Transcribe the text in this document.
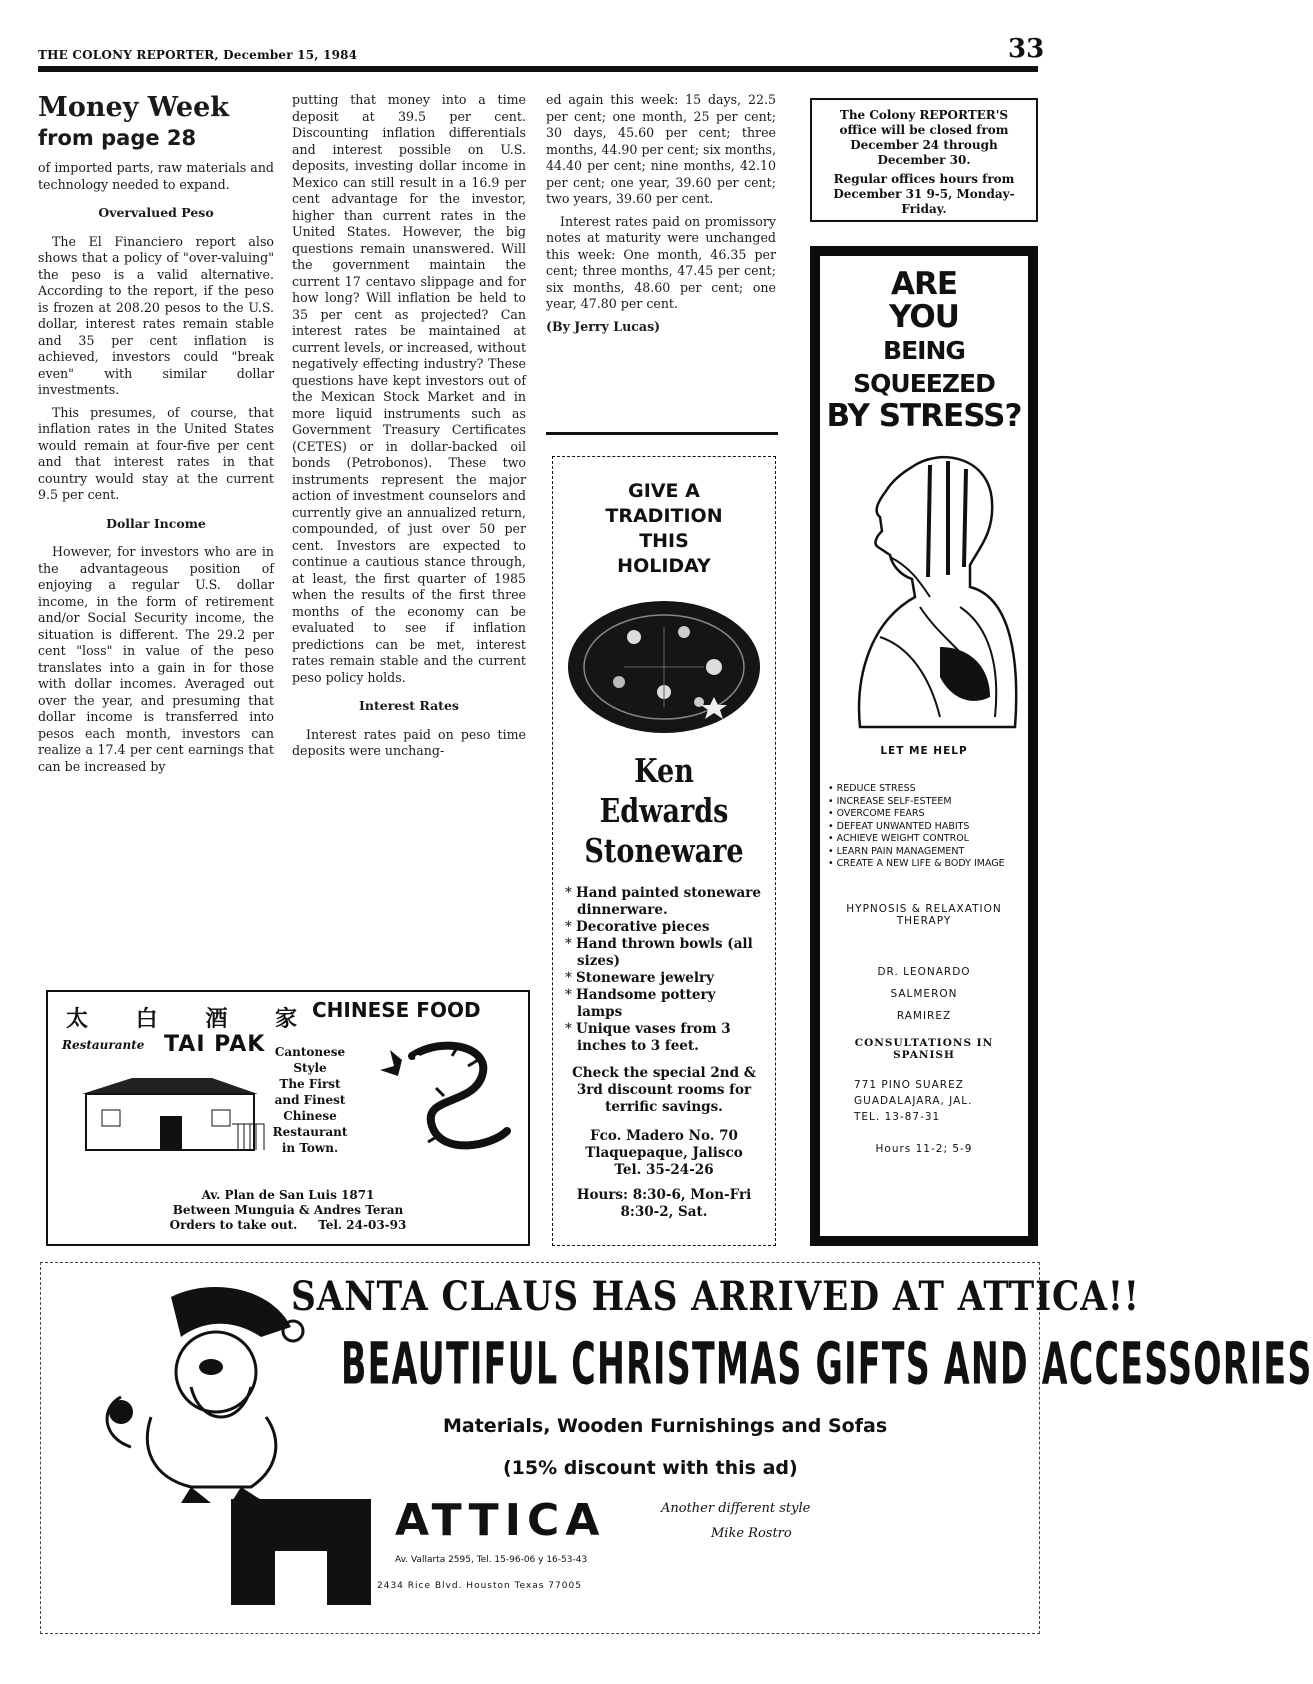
THE COLONY REPORTER, December 15, 1984	33
Money Week
from page 28

of imported parts, raw materials and technology needed to expand.

Overvalued Peso

The El Financiero report also shows that a policy of "over-valuing" the peso is a valid alternative. According to the report, if the peso is frozen at 208.20 pesos to the U.S. dollar, interest rates remain stable and 35 per cent inflation is achieved, investors could "break even" with similar dollar investments.

This presumes, of course, that inflation rates in the United States would remain at four-five per cent and that interest rates in that country would stay at the current 9.5 per cent.

Dollar Income

However, for investors who are in the advantageous position of enjoying a regular U.S. dollar income, in the form of retirement and/or Social Security income, the situation is different. The 29.2 per cent "loss" in value of the peso translates into a gain in for those with dollar incomes. Averaged out over the year, and presuming that dollar income is transferred into pesos each month, investors can realize a 17.4 per cent earnings that can be increased by

putting that money into a time deposit at 39.5 per cent. Discounting inflation differentials and interest possible on U.S. deposits, investing dollar income in Mexico can still result in a 16.9 per cent advantage for the investor, higher than current rates in the United States. However, the big questions remain unanswered. Will the government maintain the current 17 centavo slippage and for how long? Will inflation be held to 35 per cent as projected? Can interest rates be maintained at current levels, or increased, without negatively effecting industry? These questions have kept investors out of the Mexican Stock Market and in more liquid instruments such as Government Treasury Certificates (CETES) or in dollar-backed oil bonds (Petrobonos). These two instruments represent the major action of investment counselors and currently give an annualized return, compounded, of just over 50 per cent. Investors are expected to continue a cautious stance through, at least, the first quarter of 1985 when the results of the first three months of the economy can be evaluated to see if inflation predictions can be met, interest rates remain stable and the current peso policy holds.

Interest Rates

Interest rates paid on peso time deposits were unchang-

ed again this week: 15 days, 22.5 per cent; one month, 25 per cent; 30 days, 45.60 per cent; three months, 44.90 per cent; six months, 44.40 per cent; nine months, 42.10 per cent; one year, 39.60 per cent; two years, 39.60 per cent.

Interest rates paid on promissory notes at maturity were unchanged this week: One month, 46.35 per cent; three months, 47.45 per cent; six months, 48.60 per cent; one year, 47.80 per cent.

(By Jerry Lucas)
The Colony REPORTER'S office will be closed from December 24 through December 30.
Regular offices hours from December 31 9-5, Monday-Friday.
ARE
YOU
BEING SQUEEZED
BY STRESS?
LET ME HELP
• REDUCE STRESS
• INCREASE SELF-ESTEEM
• OVERCOME FEARS
• DEFEAT UNWANTED HABITS
• ACHIEVE WEIGHT CONTROL
• LEARN PAIN MANAGEMENT
• CREATE A NEW LIFE & BODY IMAGE
HYPNOSIS & RELAXATION THERAPY
DR. LEONARDO
SALMERON
RAMIREZ
CONSULTATIONS IN SPANISH
771 PINO SUAREZ
GUADALAJARA, JAL.
TEL. 13-87-31
Hours 11-2; 5-9
GIVE A
TRADITION
THIS
HOLIDAY
Ken Edwards
Stoneware
* Hand painted stoneware dinnerware.
* Decorative pieces
* Hand thrown bowls (all sizes)
* Stoneware jewelry
* Handsome pottery lamps
* Unique vases from 3 inches to 3 feet.
Check the special 2nd & 3rd discount rooms for terrific savings.
Fco. Madero No. 70
Tlaquepaque, Jalisco
Tel. 35-24-26
Hours: 8:30-6, Mon-Fri
8:30-2, Sat.
太 白 酒 家
Restaurante TAI PAK
CHINESE FOOD
Cantonese
Style
The First
and Finest
Chinese
Restaurant
in Town.
Av. Plan de San Luis 1871
Between Munguia & Andres Teran
Orders to take out.     Tel. 24-03-93
SANTA CLAUS HAS ARRIVED AT ATTICA!!
BEAUTIFUL CHRISTMAS GIFTS AND ACCESSORIES
Materials, Wooden Furnishings and Sofas
(15% discount with this ad)
ATTICA
Av. Vallarta 2595, Tel. 15-96-06 y 16-53-43
2434 Rice Blvd. Houston Texas 77005
Another different style
Mike Rostro
